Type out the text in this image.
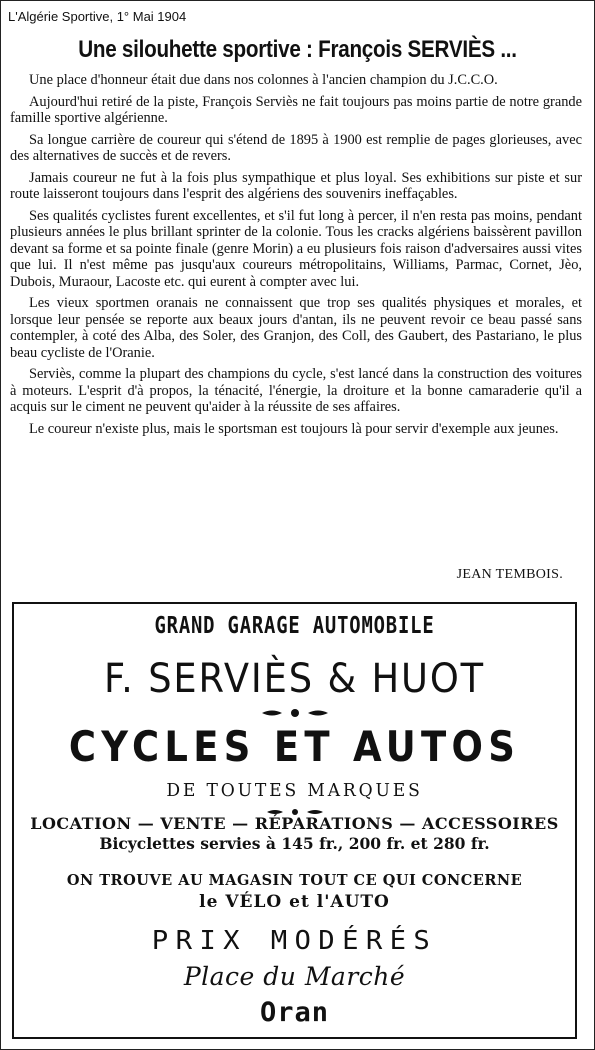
L'Algérie Sportive, 1° Mai 1904
Une silouhette sportive : François SERVIÈS ...

Une place d'honneur était due dans nos colonnes à l'ancien champion du J.C.C.O.

Aujourd'hui retiré de la piste, François Serviès ne fait toujours pas moins partie de notre grande famille sportive algérienne.

Sa longue carrière de coureur qui s'étend de 1895 à 1900 est remplie de pages glorieuses, avec des alternatives de succès et de revers.

Jamais coureur ne fut à la fois plus sympathique et plus loyal. Ses exhibitions sur piste et sur route laisseront toujours dans l'esprit des algériens des souvenirs ineffaçables.

Ses qualités cyclistes furent excellentes, et s'il fut long à percer, il n'en resta pas moins, pendant plusieurs années le plus brillant sprinter de la colonie. Tous les cracks algériens baissèrent pavillon devant sa forme et sa pointe finale (genre Morin) a eu plusieurs fois raison d'adversaires aussi vites que lui. Il n'est même pas jusqu'aux coureurs métropolitains, Williams, Parmac, Cornet, Jèo, Dubois, Muraour, Lacoste etc. qui eurent à compter avec lui.

Les vieux sportmen oranais ne connaissent que trop ses qualités physiques et morales, et lorsque leur pensée se reporte aux beaux jours d'antan, ils ne peuvent revoir ce beau passé sans contempler, à coté des Alba, des Soler, des Granjon, des Coll, des Gaubert, des Pastariano, le plus beau cycliste de l'Oranie.

Serviès, comme la plupart des champions du cycle, s'est lancé dans la construction des voitures à moteurs. L'esprit d'à propos, la ténacité, l'énergie, la droiture et la bonne camaraderie qu'il a acquis sur le ciment ne peuvent qu'aider à la réussite de ses affaires.

Le coureur n'existe plus, mais le sportsman est toujours là pour servir d'exemple aux jeunes.

JEAN TEMBOIS.
GRAND GARAGE AUTOMOBILE
F. SERVIÈS & HUOT
CYCLES ET AUTOS
DE TOUTES MARQUES
LOCATION — VENTE — RÉPARATIONS — ACCESSOIRES
Bicyclettes servies à 145 fr., 200 fr. et 280 fr.
ON TROUVE AU MAGASIN TOUT CE QUI CONCERNE
le VÉLO et l'AUTO
PRIX MODÉRÉS
Place du Marché
Oran
